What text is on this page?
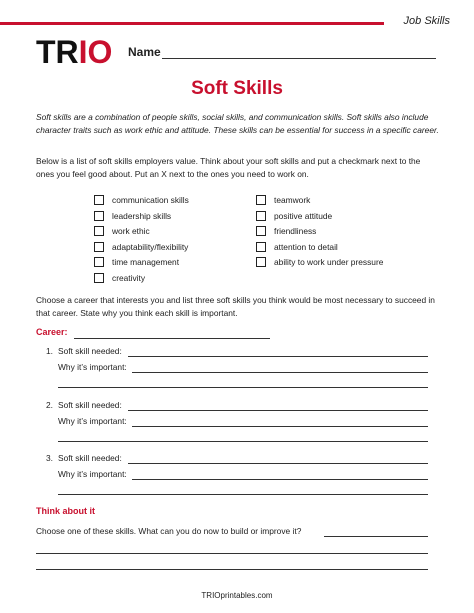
Job Skills
TRIO Name
Soft Skills
Soft skills are a combination of people skills, social skills, and communication skills. Soft skills also include character traits such as work ethic and attitude. These skills can be essential for success in a specific career.
Below is a list of soft skills employers value. Think about your soft skills and put a checkmark next to the ones you feel good about. Put an X next to the ones you need to work on.
communication skills
leadership skills
work ethic
adaptability/flexibility
time management
creativity
teamwork
positive attitude
friendliness
attention to detail
ability to work under pressure
Choose a career that interests you and list three soft skills you think would be most necessary to succeed in that career. State why you think each skill is important.
Career:
1. Soft skill needed:
Why it’s important:
2. Soft skill needed:
Why it’s important:
3. Soft skill needed:
Why it’s important:
Think about it
Choose one of these skills. What can you do now to build or improve it?
TRIOprintables.com
